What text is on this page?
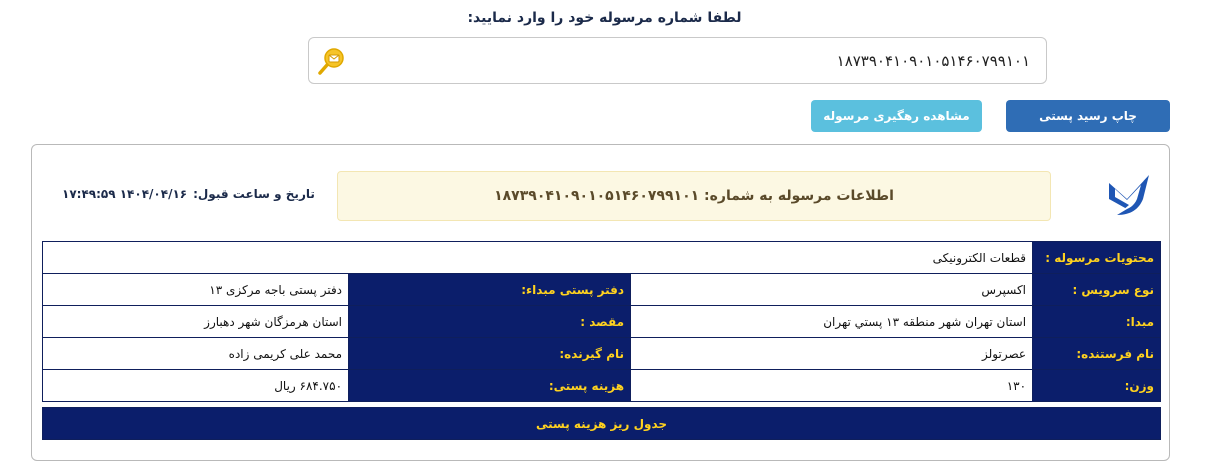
لطفا شماره مرسوله خود را وارد نمایید:
۱۸۷۳۹۰۴۱۰۹۰۱۰۵۱۴۶۰۷۹۹۱۰۱
چاپ رسید پستی
مشاهده رهگیری مرسوله
اطلاعات مرسوله به شماره: ۱۸۷۳۹۰۴۱۰۹۰۱۰۵۱۴۶۰۷۹۹۱۰۱
تاریخ و ساعت قبول:
۱۴۰۴/۰۴/۱۶ ۱۷:۴۹:۵۹
محتویات مرسوله :	قطعات الکترونیکی		
نوع سرویس :	اکسپرس	دفتر پستی مبداء:	دفتر پستی باجه مرکزی ۱۳
مبدا:	استان تهران شهر منطقه ۱۳ پستي تهران	مقصد :	استان هرمزگان شهر دهبارز
نام فرستنده:	عصرتولز	نام گیرنده:	محمد علی کریمی زاده
وزن:	۱۳۰	هزینه پستی:	۶۸۴.۷۵۰ ریال

جدول ریز هزینه پستی			
